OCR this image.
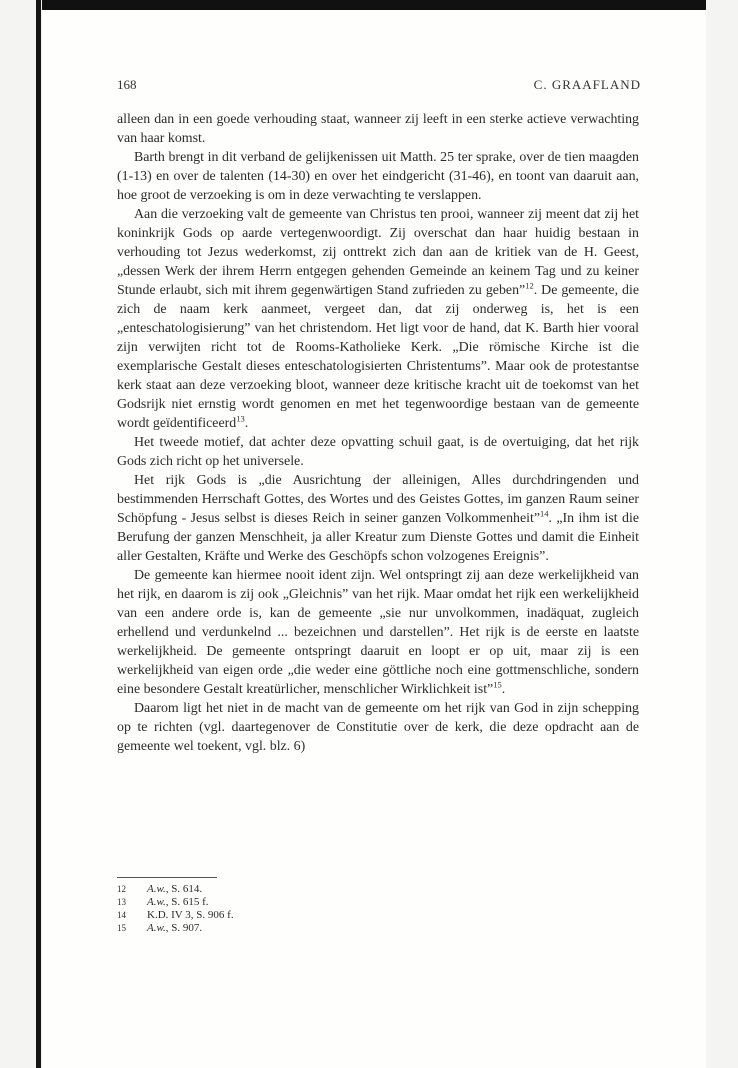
168	C. GRAAFLAND

alleen dan in een goede verhouding staat, wanneer zij leeft in een sterke actieve verwachting van haar komst.

Barth brengt in dit verband de gelijkenissen uit Matth. 25 ter sprake, over de tien maagden (1-13) en over de talenten (14-30) en over het eindgericht (31-46), en toont van daaruit aan, hoe groot de verzoeking is om in deze verwachting te verslappen.

Aan die verzoeking valt de gemeente van Christus ten prooi, wanneer zij meent dat zij het koninkrijk Gods op aarde vertegenwoordigt. Zij overschat dan haar huidig bestaan in verhouding tot Jezus wederkomst, zij onttrekt zich dan aan de kritiek van de H. Geest, „dessen Werk der ihrem Herrn entgegen gehenden Gemeinde an keinem Tag und zu keiner Stunde erlaubt, sich mit ihrem gegenwärtigen Stand zufrieden zu geben”$^{12}$. De gemeente, die zich de naam kerk aanmeet, vergeet dan, dat zij onderweg is, het is een „enteschatologisierung” van het christendom. Het ligt voor de hand, dat K. Barth hier vooral zijn verwijten richt tot de Rooms-Katholieke Kerk. „Die römische Kirche ist die exemplarische Gestalt dieses enteschatologisierten Christentums”. Maar ook de protestantse kerk staat aan deze verzoeking bloot, wanneer deze kritische kracht uit de toekomst van het Godsrijk niet ernstig wordt genomen en met het tegenwoordige bestaan van de gemeente wordt geïdentificeerd$^{13}$.

Het tweede motief, dat achter deze opvatting schuil gaat, is de overtuiging, dat het rijk Gods zich richt op het universele.

Het rijk Gods is „die Ausrichtung der alleinigen, Alles durchdringenden und bestimmenden Herrschaft Gottes, des Wortes und des Geistes Gottes, im ganzen Raum seiner Schöpfung - Jesus selbst is dieses Reich in seiner ganzen Volkommenheit”$^{14}$. „In ihm ist die Berufung der ganzen Menschheit, ja aller Kreatur zum Dienste Gottes und damit die Einheit aller Gestalten, Kräfte und Werke des Geschöpfs schon volzogenes Ereignis”.

De gemeente kan hiermee nooit ident zijn. Wel ontspringt zij aan deze werkelijkheid van het rijk, en daarom is zij ook „Gleichnis” van het rijk. Maar omdat het rijk een werkelijkheid van een andere orde is, kan de gemeente „sie nur unvolkommen, inadäquat, zugleich erhellend und verdunkelnd ... bezeichnen und darstellen”. Het rijk is de eerste en laatste werkelijkheid. De gemeente ontspringt daaruit en loopt er op uit, maar zij is een werkelijkheid van eigen orde „die weder eine göttliche noch eine gottmenschliche, sondern eine besondere Gestalt kreatürlicher, menschlicher Wirklichkeit ist”$^{15}$.

Daarom ligt het niet in de macht van de gemeente om het rijk van God in zijn schepping op te richten (vgl. daartegenover de Constitutie over de kerk, die deze opdracht aan de gemeente wel toekent, vgl. blz. 6)

12	A.w., S. 614.
13	A.w., S. 615 f.
14	K.D. IV 3, S. 906 f.
15	A.w., S. 907.
